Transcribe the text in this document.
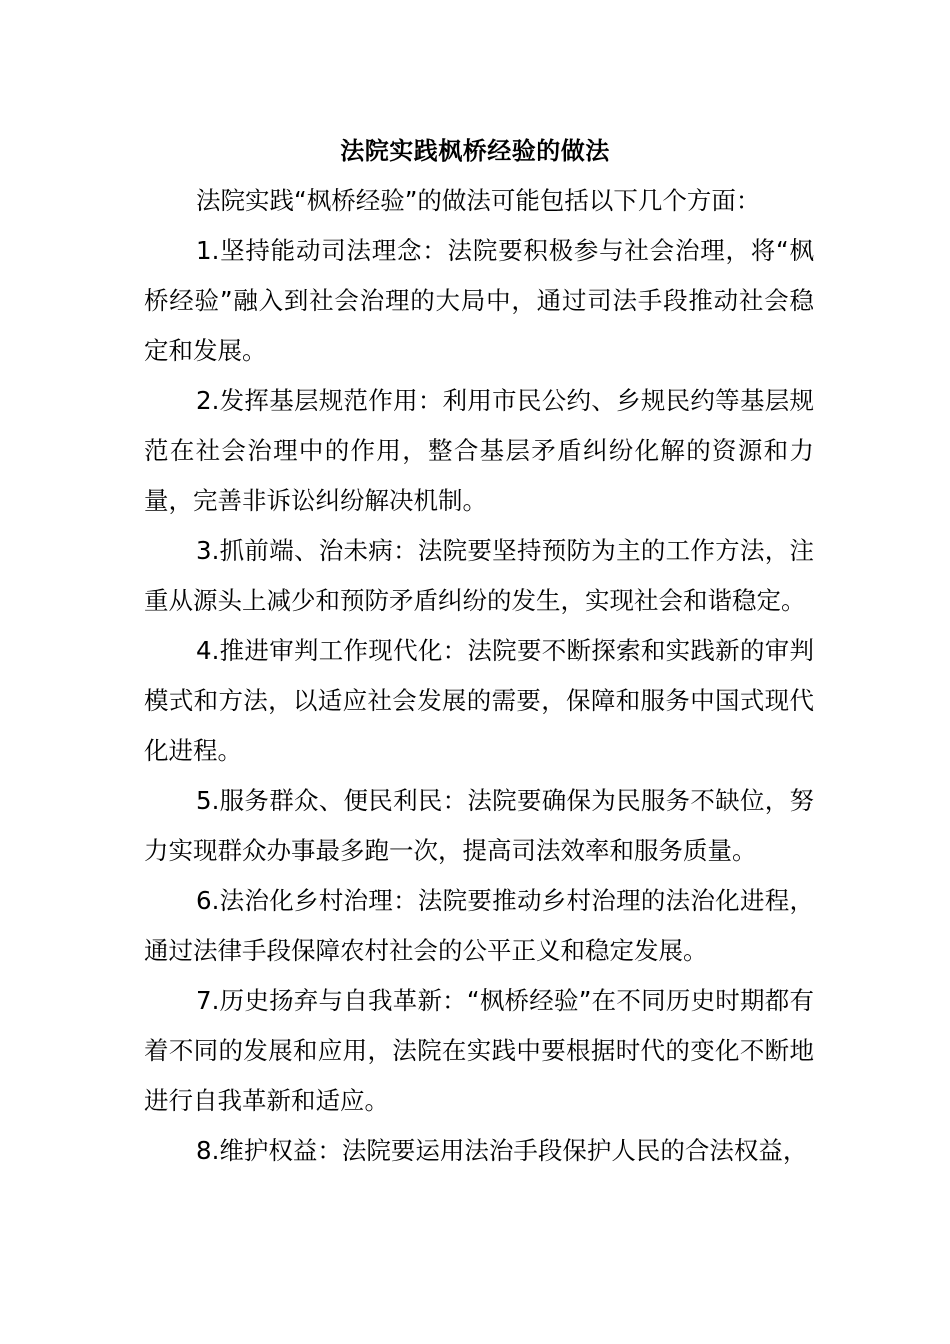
法院实践枫桥经验的做法

法院实践“枫桥经验”的做法可能包括以下几个方面：

1.坚持能动司法理念：法院要积极参与社会治理，将“枫桥经验”融入到社会治理的大局中，通过司法手段推动社会稳定和发展。

2.发挥基层规范作用：利用市民公约、乡规民约等基层规范在社会治理中的作用，整合基层矛盾纠纷化解的资源和力量，完善非诉讼纠纷解决机制。

3.抓前端、治未病：法院要坚持预防为主的工作方法，注重从源头上减少和预防矛盾纠纷的发生，实现社会和谐稳定。

4.推进审判工作现代化：法院要不断探索和实践新的审判模式和方法，以适应社会发展的需要，保障和服务中国式现代化进程。

5.服务群众、便民利民：法院要确保为民服务不缺位，努力实现群众办事最多跑一次，提高司法效率和服务质量。

6.法治化乡村治理：法院要推动乡村治理的法治化进程，通过法律手段保障农村社会的公平正义和稳定发展。

7.历史扬弃与自我革新：“枫桥经验”在不同历史时期都有着不同的发展和应用，法院在实践中要根据时代的变化不断地进行自我革新和适应。

8.维护权益：法院要运用法治手段保护人民的合法权益，
